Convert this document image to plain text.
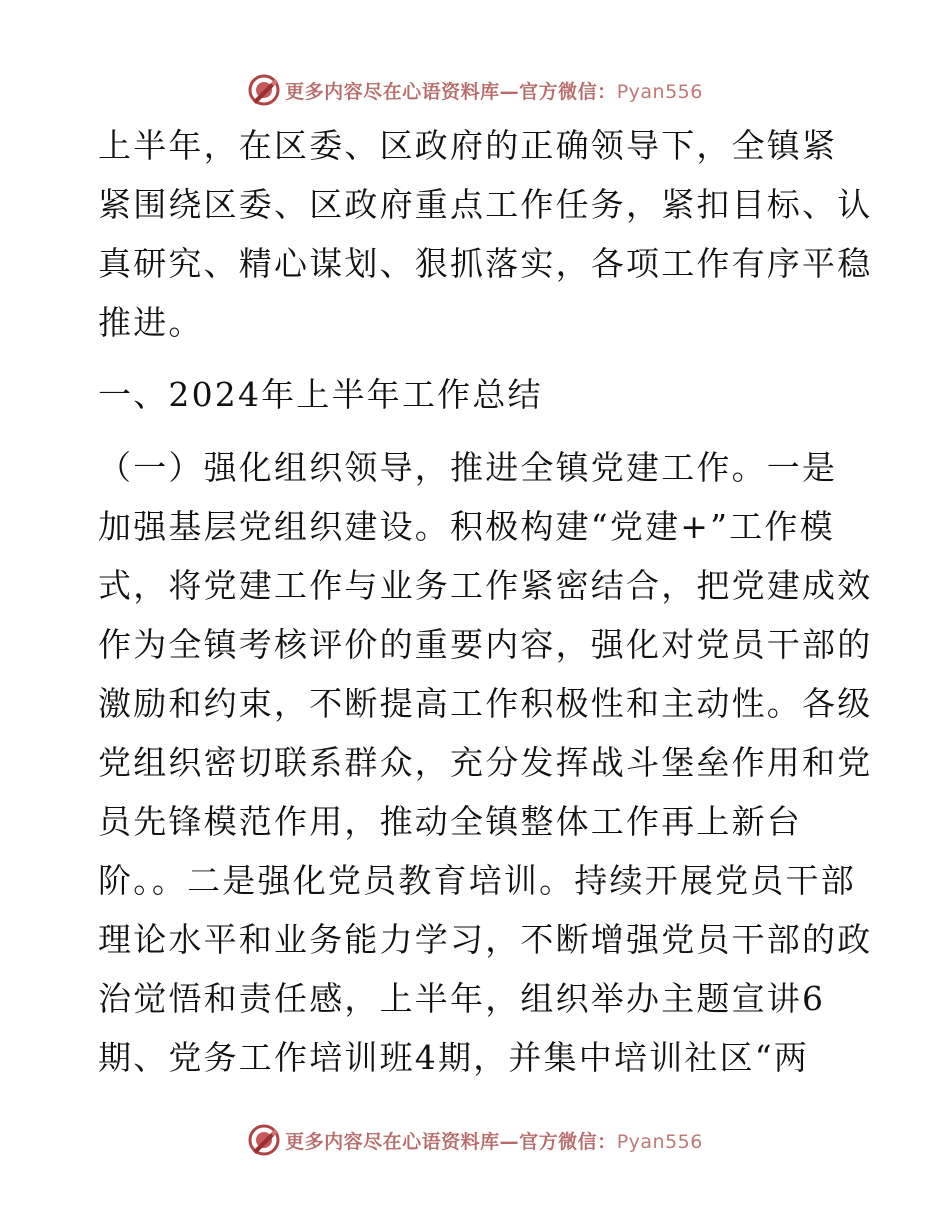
更多内容尽在心语资料库—官方微信：Pyan556
上半年，在区委、区政府的正确领导下，全镇紧
紧围绕区委、区政府重点工作任务，紧扣目标、认
真研究、精心谋划、狠抓落实，各项工作有序平稳
推进。
一、2024年上半年工作总结
（一）强化组织领导，推进全镇党建工作。一是
加强基层党组织建设。积极构建“党建+”工作模
式，将党建工作与业务工作紧密结合，把党建成效
作为全镇考核评价的重要内容，强化对党员干部的
激励和约束，不断提高工作积极性和主动性。各级
党组织密切联系群众，充分发挥战斗堡垒作用和党
员先锋模范作用，推动全镇整体工作再上新台
阶。。二是强化党员教育培训。持续开展党员干部
理论水平和业务能力学习，不断增强党员干部的政
治觉悟和责任感，上半年，组织举办主题宣讲6
期、党务工作培训班4期，并集中培训社区“两
更多内容尽在心语资料库—官方微信：Pyan556
